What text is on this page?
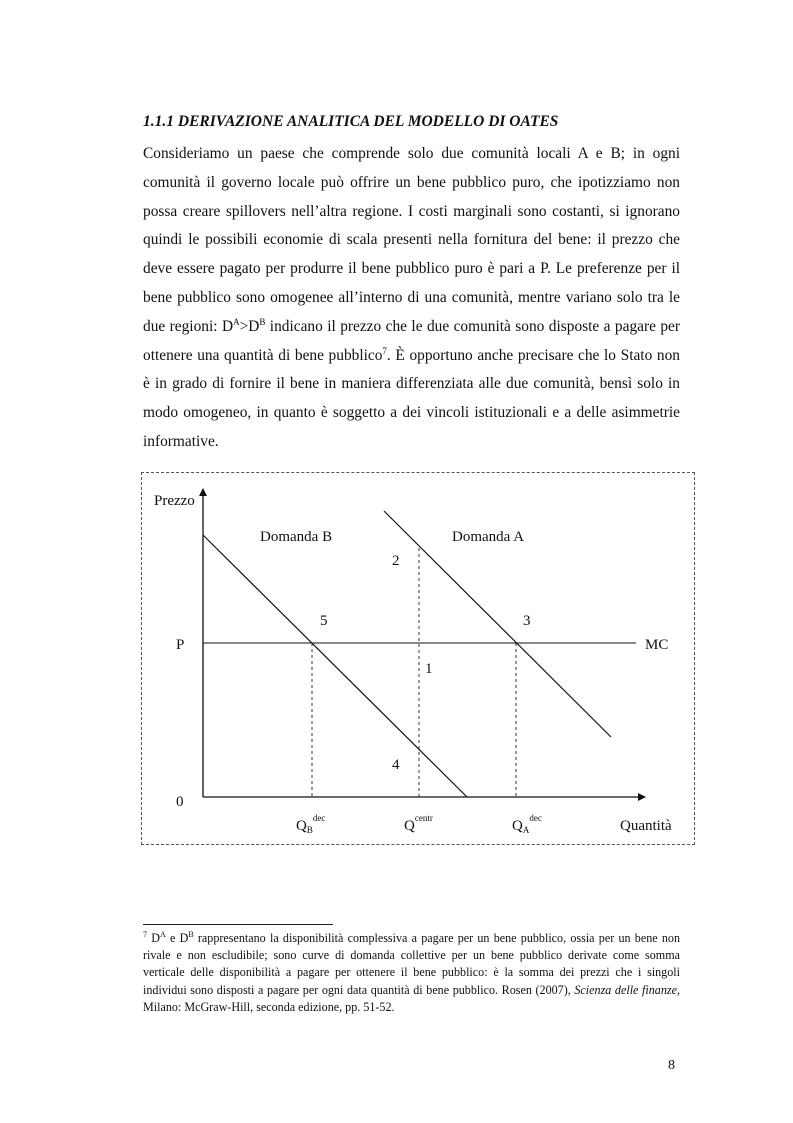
1.1.1 DERIVAZIONE ANALITICA DEL MODELLO DI OATES

Consideriamo un paese che comprende solo due comunità locali A e B; in ogni comunità il governo locale può offrire un bene pubblico puro, che ipotizziamo non possa creare spillovers nell’altra regione. I costi marginali sono costanti, si ignorano quindi le possibili economie di scala presenti nella fornitura del bene: il prezzo che deve essere pagato per produrre il bene pubblico puro è pari a P. Le preferenze per il bene pubblico sono omogenee all’interno di una comunità, mentre variano solo tra le due regioni: $D^A>D^B$ indicano il prezzo che le due comunità sono disposte a pagare per ottenere una quantità di bene pubblico$^7$. È opportuno anche precisare che lo Stato non è in grado di fornire il bene in maniera differenziata alle due comunità, bensì solo in modo omogeneo, in quanto è soggetto a dei vincoli istituzionali e a delle asimmetrie informative.

Prezzo
Quantità
0
P	MC
Domanda B	Domanda A
2
5	3
1
4
$Q_B^{dec}$	$Q^{centr}$	$Q_A^{dec}$

$^7$ $D^A$ e $D^B$ rappresentano la disponibilità complessiva a pagare per un bene pubblico, ossia per un bene non rivale e non escludibile; sono curve di domanda collettive per un bene pubblico derivate come somma verticale delle disponibilità a pagare per ottenere il bene pubblico: è la somma dei prezzi che i singoli individui sono disposti a pagare per ogni data quantità di bene pubblico. Rosen (2007), Scienza delle finanze, Milano: McGraw-Hill, seconda edizione, pp. 51-52.

8
